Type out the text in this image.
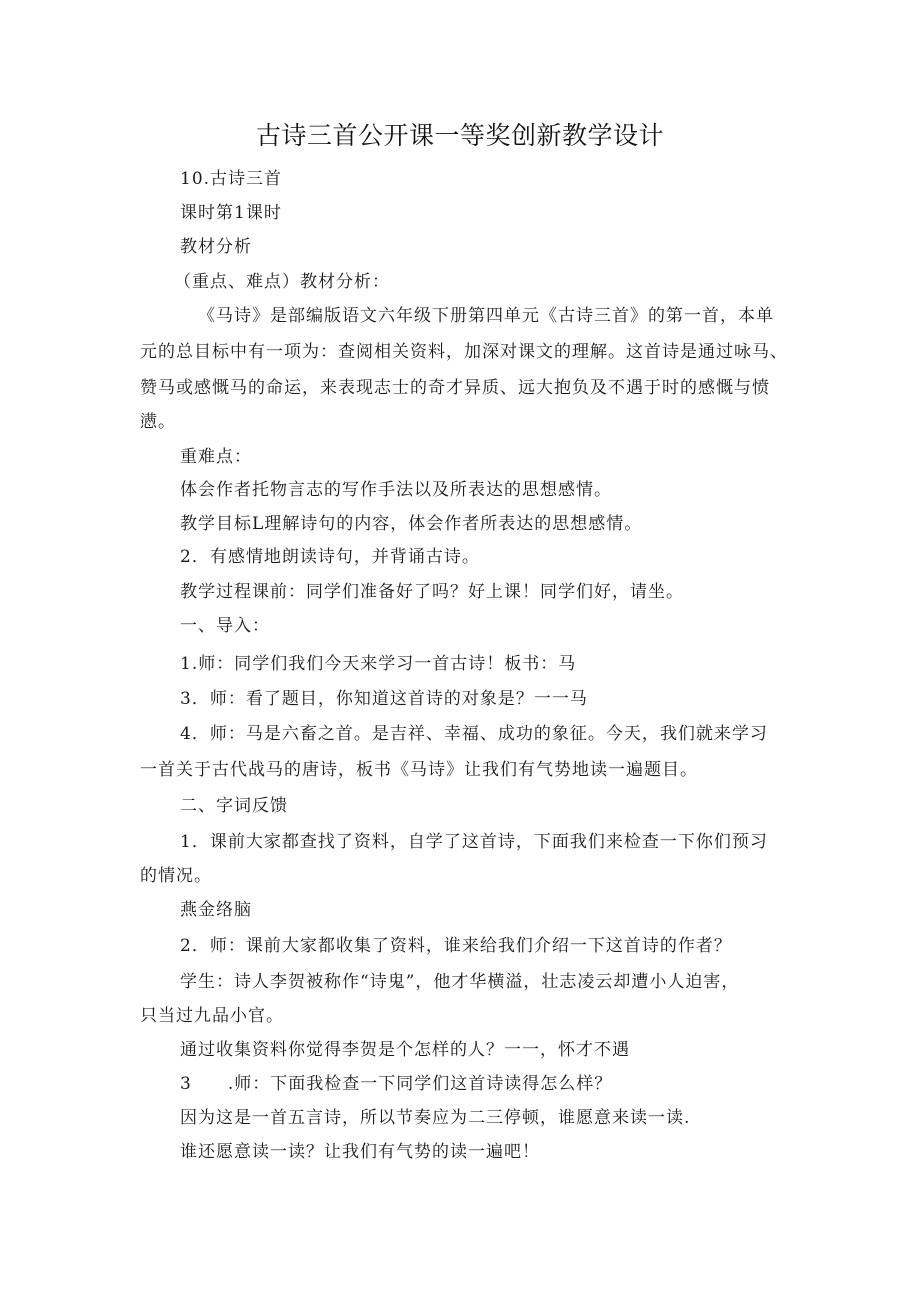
古诗三首公开课一等奖创新教学设计
10.古诗三首
课时第1课时
教材分析
（重点、难点）教材分析：
《马诗》是部编版语文六年级下册第四单元《古诗三首》的第一首，本单
元的总目标中有一项为：查阅相关资料，加深对课文的理解。这首诗是通过咏马、
赞马或感慨马的命运，来表现志士的奇才异质、远大抱负及不遇于时的感慨与愤
懑。
重难点：
体会作者托物言志的写作手法以及所表达的思想感情。
教学目标L理解诗句的内容，体会作者所表达的思想感情。
2．有感情地朗读诗句，并背诵古诗。
教学过程课前：同学们准备好了吗？好上课！同学们好，请坐。
一、导入：
1.师：同学们我们今天来学习一首古诗！板书：马
3．师：看了题目，你知道这首诗的对象是？一一马
4．师：马是六畜之首。是吉祥、幸福、成功的象征。今天，我们就来学习
一首关于古代战马的唐诗，板书《马诗》让我们有气势地读一遍题目。
二、字词反馈
1．课前大家都查找了资料，自学了这首诗，下面我们来检查一下你们预习
的情况。
燕金络脑
2．师：课前大家都收集了资料，谁来给我们介绍一下这首诗的作者？
学生：诗人李贺被称作“诗鬼”，他才华横溢，壮志凌云却遭小人迫害，
只当过九品小官。
通过收集资料你觉得李贺是个怎样的人？一一，怀才不遇
3　　.师：下面我检查一下同学们这首诗读得怎么样？
因为这是一首五言诗，所以节奏应为二三停顿，谁愿意来读一读.
谁还愿意读一读？让我们有气势的读一遍吧！
